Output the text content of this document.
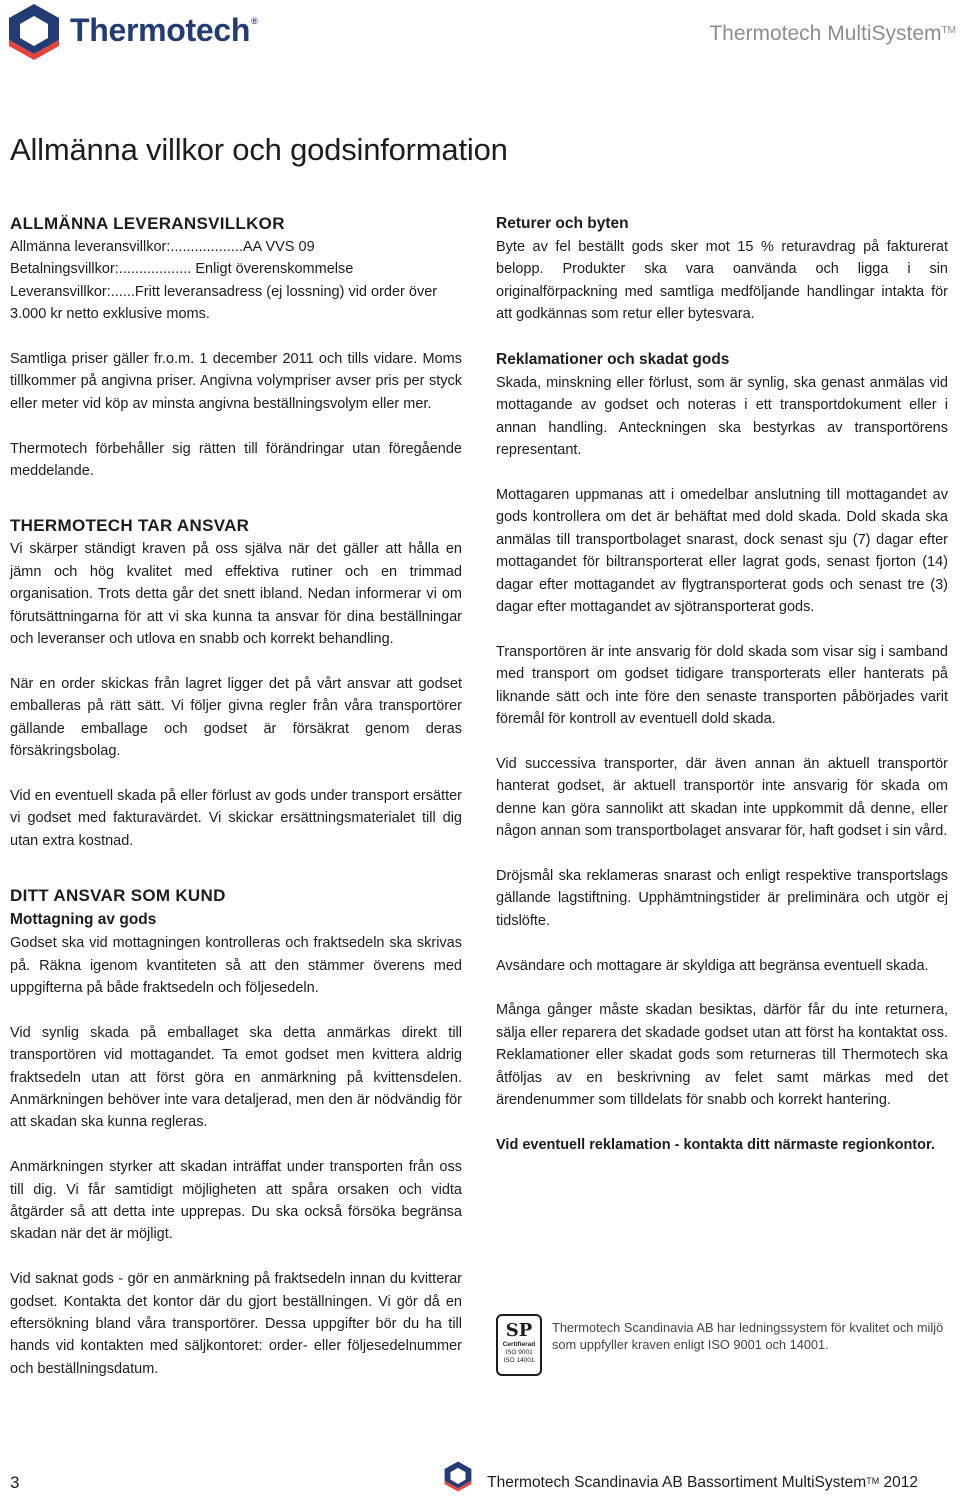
Thermotech®
Thermotech MultiSystem™
Allmänna villkor och godsinformation
ALLMÄNNA LEVERANSVILLKOR

Allmänna leveransvillkor:..................AA VVS 09 Betalningsvillkor:.................. Enligt överenskommelse Leveransvillkor:......Fritt leveransadress (ej lossning) vid order över 3.000 kr netto exklusive moms.

Samtliga priser gäller fr.o.m. 1 december 2011 och tills vidare. Moms tillkommer på angivna priser. Angivna volympriser avser pris per styck eller meter vid köp av minsta angivna beställningsvolym eller mer.

Thermotech förbehåller sig rätten till förändringar utan föregående meddelande.

THERMOTECH TAR ANSVAR

Vi skärper ständigt kraven på oss själva när det gäller att hålla en jämn och hög kvalitet med effektiva rutiner och en trimmad organisation. Trots detta går det snett ibland. Nedan informerar vi om förutsättningarna för att vi ska kunna ta ansvar för dina beställningar och leveranser och utlova en snabb och korrekt behandling.

När en order skickas från lagret ligger det på vårt ansvar att godset emballeras på rätt sätt. Vi följer givna regler från våra transportörer gällande emballage och godset är försäkrat genom deras försäkringsbolag.

Vid en eventuell skada på eller förlust av gods under transport ersätter vi godset med fakturavärdet. Vi skickar ersättningsmaterialet till dig utan extra kostnad.

DITT ANSVAR SOM KUND
Mottagning av gods

Godset ska vid mottagningen kontrolleras och fraktsedeln ska skrivas på. Räkna igenom kvantiteten så att den stämmer överens med uppgifterna på både fraktsedeln och följesedeln.

Vid synlig skada på emballaget ska detta anmärkas direkt till transportören vid mottagandet. Ta emot godset men kvittera aldrig fraktsedeln utan att först göra en anmärkning på kvittensdelen. Anmärkningen behöver inte vara detaljerad, men den är nödvändig för att skadan ska kunna regleras.

Anmärkningen styrker att skadan inträffat under transporten från oss till dig. Vi får samtidigt möjligheten att spåra orsaken och vidta åtgärder så att detta inte upprepas. Du ska också försöka begränsa skadan när det är möjligt.

Vid saknat gods - gör en anmärkning på fraktsedeln innan du kvitterar godset. Kontakta det kontor där du gjort beställningen. Vi gör då en eftersökning bland våra transportörer. Dessa uppgifter bör du ha till hands vid kontakten med säljkontoret: order- eller följesedelnummer och beställningsdatum.

Returer och byten

Byte av fel beställt gods sker mot 15 % returavdrag på fakturerat belopp. Produkter ska vara oanvända och ligga i sin originalförpackning med samtliga medföljande handlingar intakta för att godkännas som retur eller bytesvara.

Reklamationer och skadat gods

Skada, minskning eller förlust, som är synlig, ska genast anmälas vid mottagande av godset och noteras i ett transportdokument eller i annan handling. Anteckningen ska bestyrkas av transportörens representant.

Mottagaren uppmanas att i omedelbar anslutning till mottagandet av gods kontrollera om det är behäftat med dold skada. Dold skada ska anmälas till transportbolaget snarast, dock senast sju (7) dagar efter mottagandet för biltransporterat eller lagrat gods, senast fjorton (14) dagar efter mottagandet av flygtransporterat gods och senast tre (3) dagar efter mottagandet av sjötransporterat gods.

Transportören är inte ansvarig för dold skada som visar sig i samband med transport om godset tidigare transporterats eller hanterats på liknande sätt och inte före den senaste transporten påbörjades varit föremål för kontroll av eventuell dold skada.

Vid successiva transporter, där även annan än aktuell transportör hanterat godset, är aktuell transportör inte ansvarig för skada om denne kan göra sannolikt att skadan inte uppkommit då denne, eller någon annan som transportbolaget ansvarar för, haft godset i sin vård.

Dröjsmål ska reklameras snarast och enligt respektive transportslags gällande lagstiftning. Upphämtningstider är preliminära och utgör ej tidslöfte.

Avsändare och mottagare är skyldiga att begränsa eventuell skada.

Många gånger måste skadan besiktas, därför får du inte returnera, sälja eller reparera det skadade godset utan att först ha kontaktat oss. Reklamationer eller skadat gods som returneras till Thermotech ska åtföljas av en beskrivning av felet samt märkas med det ärendenummer som tilldelats för snabb och korrekt hantering.

Vid eventuell reklamation - kontakta ditt närmaste regionkontor.

SP
Certifierad
ISO 9001
ISO 14001
Thermotech Scandinavia AB har ledningssystem för kvalitet och miljö som uppfyller kraven enligt ISO 9001 och 14001.
3	Thermotech Scandinavia AB Bassortiment MultiSystem™ 2012
